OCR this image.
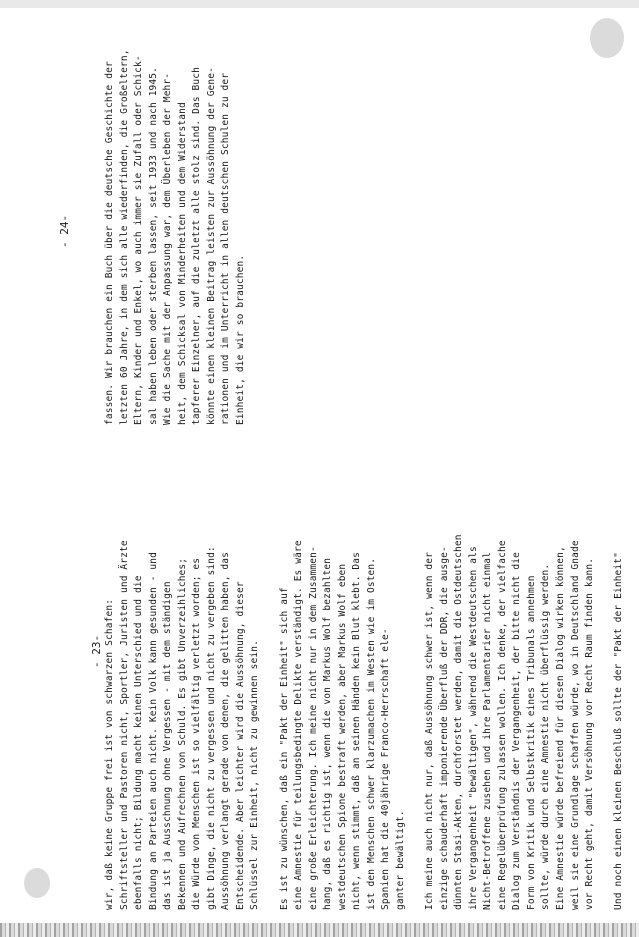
- 23-
- 24-

wir, daß keine Gruppe frei ist von schwarzen Schafen: Schriftsteller und Pastoren nicht, Sportler, Juristen und Ärzte ebenfalls nicht; Bildung macht keinen Unterschied und die Bindung an Parteien auch nicht. Kein Volk kann gesunden - und das ist ja Ausschnung ohne Vergessen - mit dem ständigen Bekennen und Aufrechnen von Schuld. Es gibt Unverzeihliches; die Würde von Menschen ist so vielfältig verletzt worden; es gibt Dinge, die nicht zu vergessen und nicht zu vergeben sind: Aussöhnung verlangt gerade von denen, die gelitten haben, das Entscheidende. Aber leichter wird die Aussöhnung, dieser Schlüssel zur Einheit, nicht zu gewinnen sein. Es ist zu wünschen, daß ein "Pakt der Einheit" sich auf eine Amnestie für teilungsbedingte Delikte verständigt. Es wäre eine große Erleichterung. Ich meine nicht nur in dem Zusammen- hang, daß es richtig ist, wenn die von Markus Wolf bezahlten westdeutschen Spione bestraft werden, aber Markus Wolf eben nicht, wenn stimmt, daß an seinen Händen kein Blut klebt. Das ist den Menschen schwer klarzumachen im Westen wie im Osten. Spanien hat die 40jährige Franco-Herrschaft ele- ganter bewältigt. Ich meine auch nicht nur, daß Aussöhnung schwer ist, wenn der einzige schauderhaft imponierende Überfluß der DDR, die ausge- dünnten Stasi-Akten, durchforstet werden, damit die Ostdeutschen ihre Vergangenheit "bewältigen", während die Westdeutschen als Nicht-Betroffene zusehen und ihre Parlamentarier nicht einmal eine Regelüberprüfung zulassen wollen. Ich denke, der vielfache Dialog zum Verständnis der Vergangenheit, der bitte nicht die Form von Kritik und Selbstkritik eines Tribunals annehmen sollte, würde durch eine Amnestie nicht überflüssig werden. Eine Amnestie würde befreiend für diesen Dialog wirken können, weil sie eine Grundlage schaffen würde, wo in Deutschland Gnade vor Recht geht, damit Versöhnung vor Recht Raum finden kann. Und noch einen kleinen Beschluß sollte der "Pakt der Einheit"

fassen. Wir brauchen ein Buch über die deutsche Geschichte der letzten 60 Jahre, in dem sich alle wiederfinden, die Großeltern, Eltern, Kinder und Enkel, wo auch immer sie Zufall oder Schick- sal haben leben oder sterben lassen, seit 1933 und nach 1945. Wie die Sache mit der Anpassung war, dem Überleben der Mehr- heit, dem Schicksal von Minderheiten und dem Widerstand tapferer Einzelner, auf die zuletzt alle stolz sind. Das Buch könnte einen kleinen Beitrag leisten zur Aussöhnung der Gene- rationen und im Unterricht in allen deutschen Schulen zu der Einheit, die wir so brauchen.
